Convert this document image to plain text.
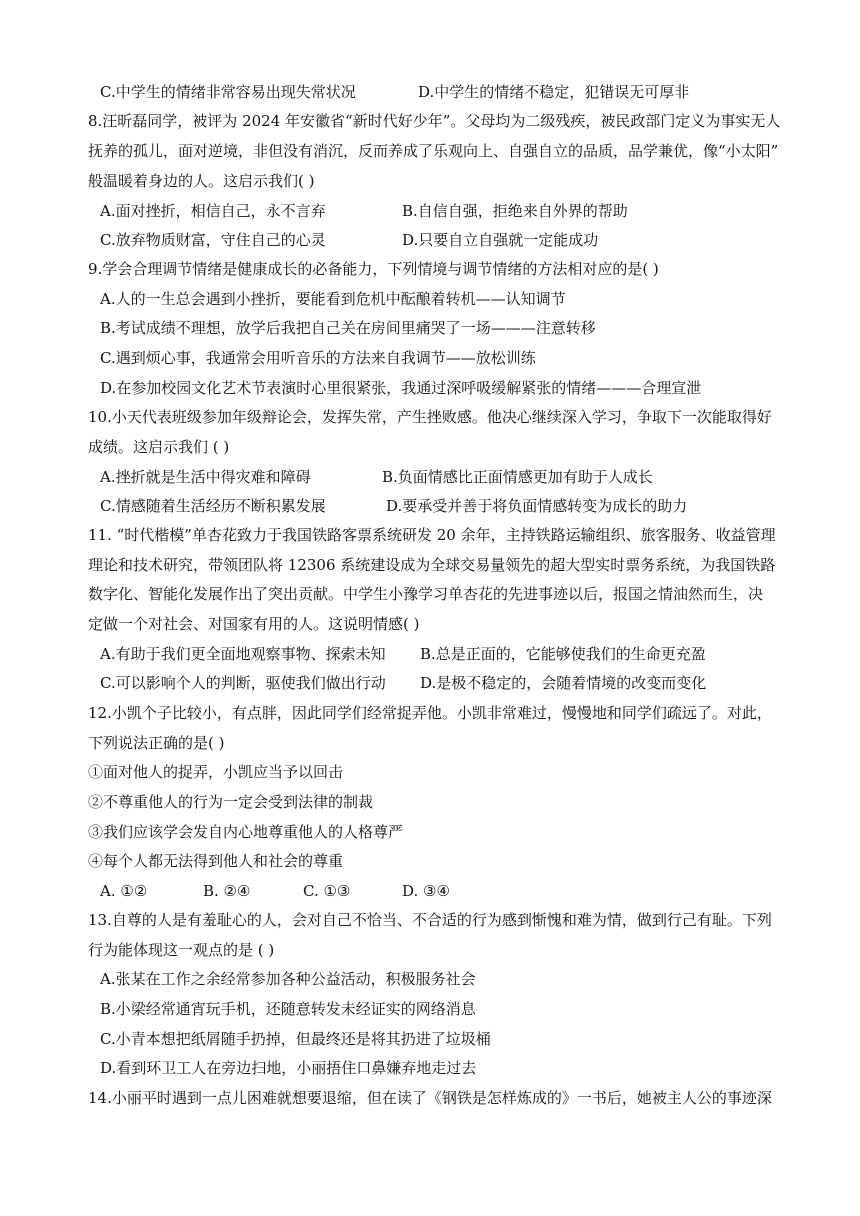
C.中学生的情绪非常容易出现失常状况	D.中学生的情绪不稳定，犯错误无可厚非
8.汪昕磊同学，被评为 2024 年安徽省“新时代好少年”。父母均为二级残疾，被民政部门定义为事实无人
抚养的孤儿，面对逆境，非但没有消沉，反而养成了乐观向上、自强自立的品质，品学兼优，像“小太阳”
般温暖着身边的人。这启示我们( )
A.面对挫折，相信自己，永不言弃	B.自信自强，拒绝来自外界的帮助
C.放弃物质财富，守住自己的心灵	D.只要自立自强就一定能成功
9.学会合理调节情绪是健康成长的必备能力，下列情境与调节情绪的方法相对应的是( )
A.人的一生总会遇到小挫折，要能看到危机中酝酿着转机——认知调节
B.考试成绩不理想，放学后我把自己关在房间里痛哭了一场———注意转移
C.遇到烦心事，我通常会用听音乐的方法来自我调节——放松训练
D.在参加校园文化艺术节表演时心里很紧张，我通过深呼吸缓解紧张的情绪———合理宣泄
10.小天代表班级参加年级辩论会，发挥失常，产生挫败感。他决心继续深入学习，争取下一次能取得好
成绩。这启示我们 ( )
A.挫折就是生活中得灾难和障碍	B.负面情感比正面情感更加有助于人成长
C.情感随着生活经历不断积累发展	D.要承受并善于将负面情感转变为成长的助力
11. “时代楷模”单杏花致力于我国铁路客票系统研发 20 余年，主持铁路运输组织、旅客服务、收益管理
理论和技术研究，带领团队将 12306 系统建设成为全球交易量领先的超大型实时票务系统，为我国铁路
数字化、智能化发展作出了突出贡献。中学生小豫学习单杏花的先进事迹以后，报国之情油然而生，决
定做一个对社会、对国家有用的人。这说明情感( )
A.有助于我们更全面地观察事物、探索未知 B.总是正面的，它能够使我们的生命更充盈
C.可以影响个人的判断，驱使我们做出行动 D.是极不稳定的，会随着情境的改变而变化
12.小凯个子比较小，有点胖，因此同学们经常捉弄他。小凯非常难过，慢慢地和同学们疏远了。对此，
下列说法正确的是( )
①面对他人的捉弄，小凯应当予以回击
②不尊重他人的行为一定会受到法律的制裁
③我们应该学会发自内心地尊重他人的人格尊严
④每个人都无法得到他人和社会的尊重
A. ①②	B. ②④	C. ①③	D. ③④
13.自尊的人是有羞耻心的人，会对自己不恰当、不合适的行为感到惭愧和难为情，做到行己有耻。下列
行为能体现这一观点的是 ( )
A.张某在工作之余经常参加各种公益活动，积极服务社会
B.小梁经常通宵玩手机，还随意转发未经证实的网络消息
C.小青本想把纸屑随手扔掉，但最终还是将其扔进了垃圾桶
D.看到环卫工人在旁边扫地，小丽捂住口鼻嫌弃地走过去
14.小丽平时遇到一点儿困难就想要退缩，但在读了《钢铁是怎样炼成的》一书后，她被主人公的事迹深
